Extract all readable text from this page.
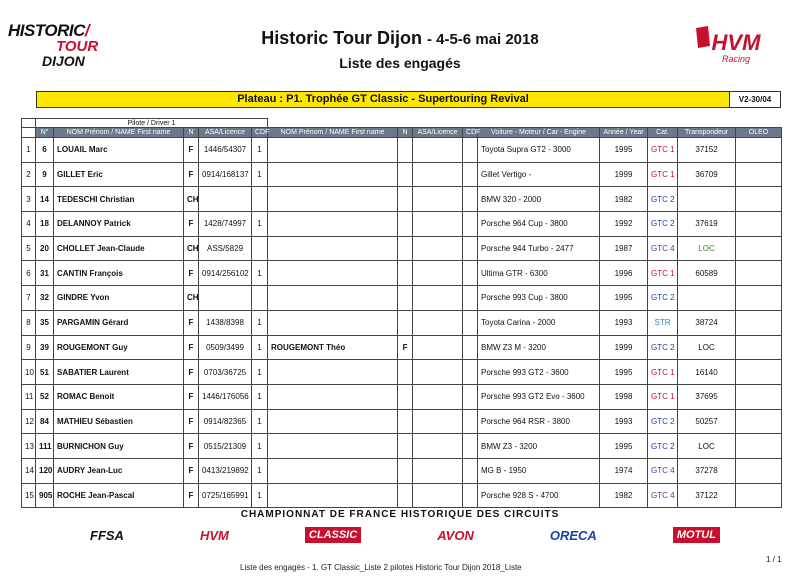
HISTORIC/
TOUR
DIJON
Historic Tour Dijon - 4-5-6 mai 2018
Liste des engagés
HVM
Racing
Plateau : P1. Trophée GT Classic - Supertouring Revival	V2-30/04
	Pilote / Driver 1													
	N°	NOM Prénom / NAME First name	N	ASA/Licence	CDF	NOM Prénom / NAME First name	N	ASA/Licence	CDF	Voiture - Moteur / Car - Engine	Année / Year	Cat.	Transpondeur	OLEO
1	6	LOUAIL Marc	F	1446/54307	1					Toyota Supra GT2 - 3000	1995	GTC 1	37152	
2	9	GILLET Eric	F	0914/168137	1					Gillet Vertigo -	1999	GTC 1	36709	
3	14	TEDESCHI Christian	CH							BMW 320 - 2000	1982	GTC 2		
4	18	DELANNOY Patrick	F	1428/74997	1					Porsche 964 Cup - 3800	1992	GTC 2	37619	
5	20	CHOLLET Jean-Claude	CH	ASS/5829						Porsche 944 Turbo - 2477	1987	GTC 4	LOC	
6	31	CANTIN François	F	0914/256102	1					Ultima GTR - 6300	1996	GTC 1	60589	
7	32	GINDRE Yvon	CH							Porsche 993 Cup - 3800	1995	GTC 2		
8	35	PARGAMIN Gérard	F	1438/8398	1					Toyota Carina - 2000	1993	STR	38724	
9	39	ROUGEMONT Guy	F	0509/3499	1	ROUGEMONT Théo	F			BMW Z3 M - 3200	1999	GTC 2	LOC	
10	51	SABATIER Laurent	F	0703/36725	1					Porsche 993 GT2 - 3600	1995	GTC 1	16140	
11	52	ROMAC Benoit	F	1446/176056	1					Porsche 993 GT2 Evo - 3600	1998	GTC 1	37695	
12	84	MATHIEU Sébastien	F	0914/82365	1					Porsche 964 RSR - 3800	1993	GTC 2	50257	
13	111	BURNICHON Guy	F	0515/21309	1					BMW Z3 - 3200	1995	GTC 2	LOC	
14	120	AUDRY Jean-Luc	F	0413/219892	1					MG B - 1950	1974	GTC 4	37278	
15	905	ROCHE Jean-Pascal	F	0725/165991	1					Porsche 928 S - 4700	1982	GTC 4	37122	
CHAMPIONNAT DE FRANCE HISTORIQUE DES CIRCUITS
FFSA	HVM	CLASSIC	AVON	ORECA	MOTUL
Liste des engagés - 1. GT Classic_Liste 2 pilotes Historic Tour Dijon 2018_Liste
1 / 1
